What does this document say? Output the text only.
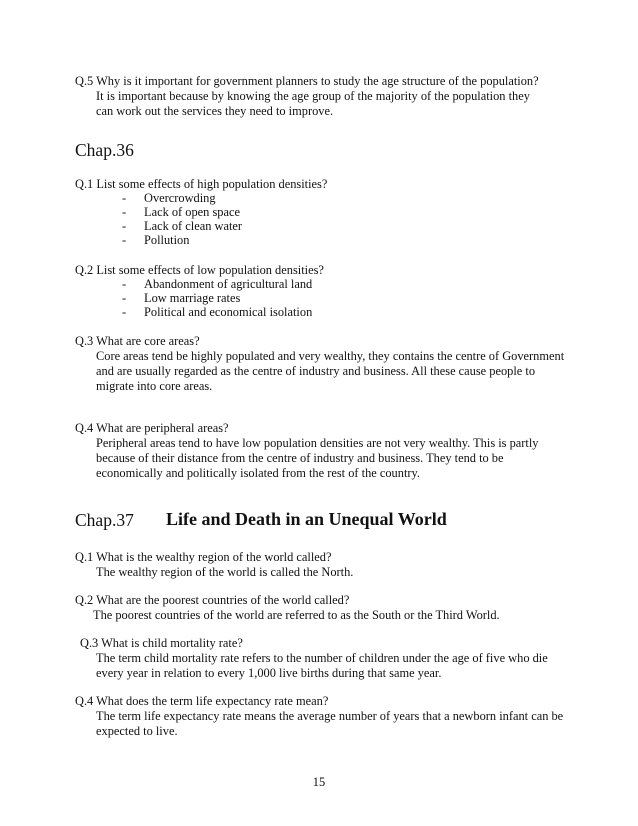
Q.5 Why is it important for government planners to study the age structure of the population?
It is important because by knowing the age group of the majority of the population they
can work out the services they need to improve.
Chap.36
Q.1 List some effects of high population densities?
- Overcrowding
- Lack of open space
- Lack of clean water
- Pollution
Q.2 List some effects of low population densities?
- Abandonment of agricultural land
- Low marriage rates
- Political and economical isolation
Q.3 What are core areas?
Core areas tend be highly populated and very wealthy, they contains the centre of Government
and are usually regarded as the centre of industry and business. All these cause people to
migrate into core areas.
Q.4 What are peripheral areas?
Peripheral areas tend to have low population densities are not very wealthy. This is partly
because of their distance from the centre of industry and business. They tend to be
economically and politically isolated from the rest of the country.
Chap.37 Life and Death in an Unequal World
Q.1 What is the wealthy region of the world called?
The wealthy region of the world is called the North.
Q.2 What are the poorest countries of the world called?
The poorest countries of the world are referred to as the South or the Third World.
Q.3 What is child mortality rate?
The term child mortality rate refers to the number of children under the age of five who die
every year in relation to every 1,000 live births during that same year.
Q.4 What does the term life expectancy rate mean?
The term life expectancy rate means the average number of years that a newborn infant can be
expected to live.
15
